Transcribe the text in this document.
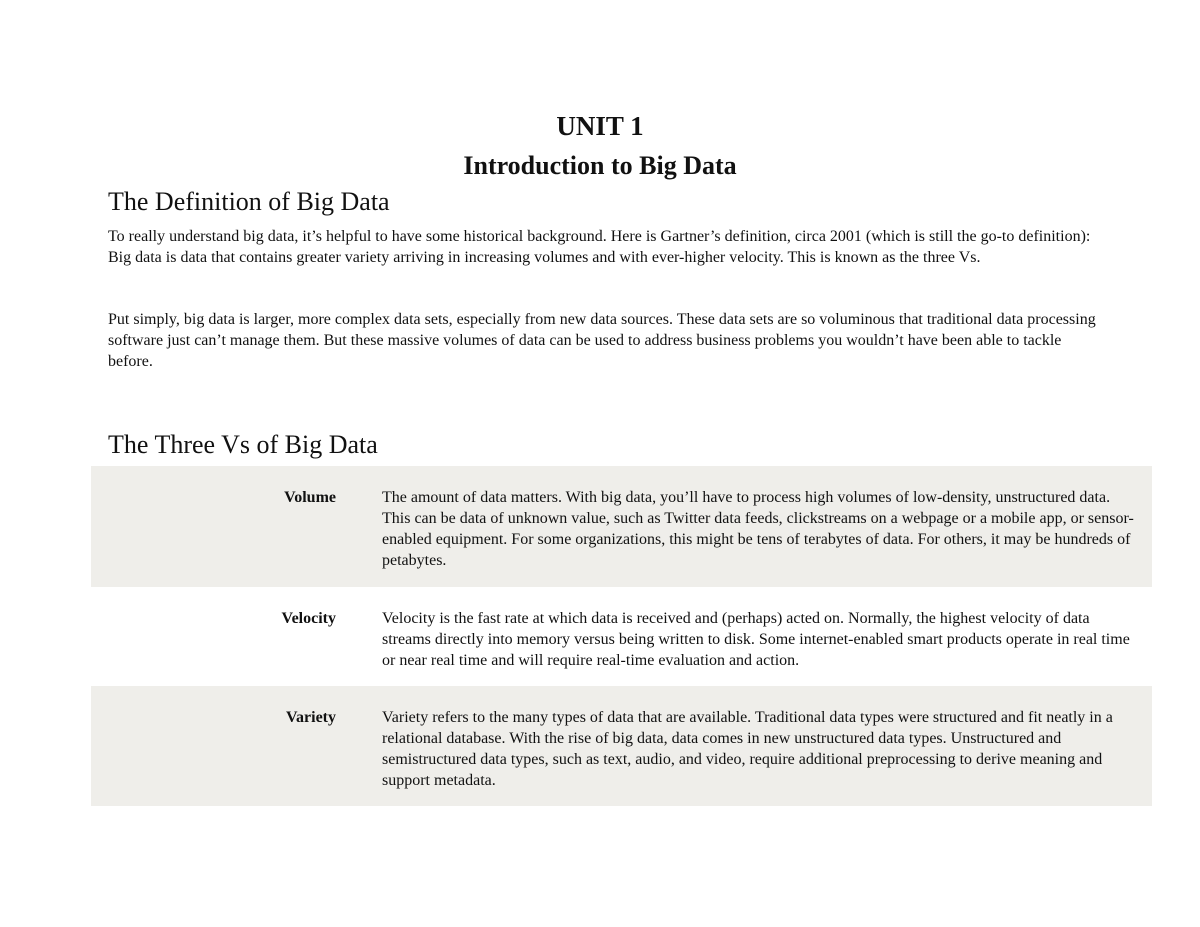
UNIT 1
Introduction to Big Data
The Definition of Big Data
To really understand big data, it’s helpful to have some historical background. Here is Gartner’s definition, circa 2001 (which is still the go-to definition): Big data is data that contains greater variety arriving in increasing volumes and with ever-higher velocity. This is known as the three Vs.
Put simply, big data is larger, more complex data sets, especially from new data sources. These data sets are so voluminous that traditional data processing software just can’t manage them. But these massive volumes of data can be used to address business problems you wouldn’t have been able to tackle before.
The Three Vs of Big Data
Volume	The amount of data matters. With big data, you’ll have to process high volumes of low-density, unstructured data. This can be data of unknown value, such as Twitter data feeds, clickstreams on a webpage or a mobile app, or sensor-enabled equipment. For some organizations, this might be tens of terabytes of data. For others, it may be hundreds of petabytes.
Velocity	Velocity is the fast rate at which data is received and (perhaps) acted on. Normally, the highest velocity of data streams directly into memory versus being written to disk. Some internet-enabled smart products operate in real time or near real time and will require real-time evaluation and action.
Variety	Variety refers to the many types of data that are available. Traditional data types were structured and fit neatly in a relational database. With the rise of big data, data comes in new unstructured data types. Unstructured and semistructured data types, such as text, audio, and video, require additional preprocessing to derive meaning and support metadata.
